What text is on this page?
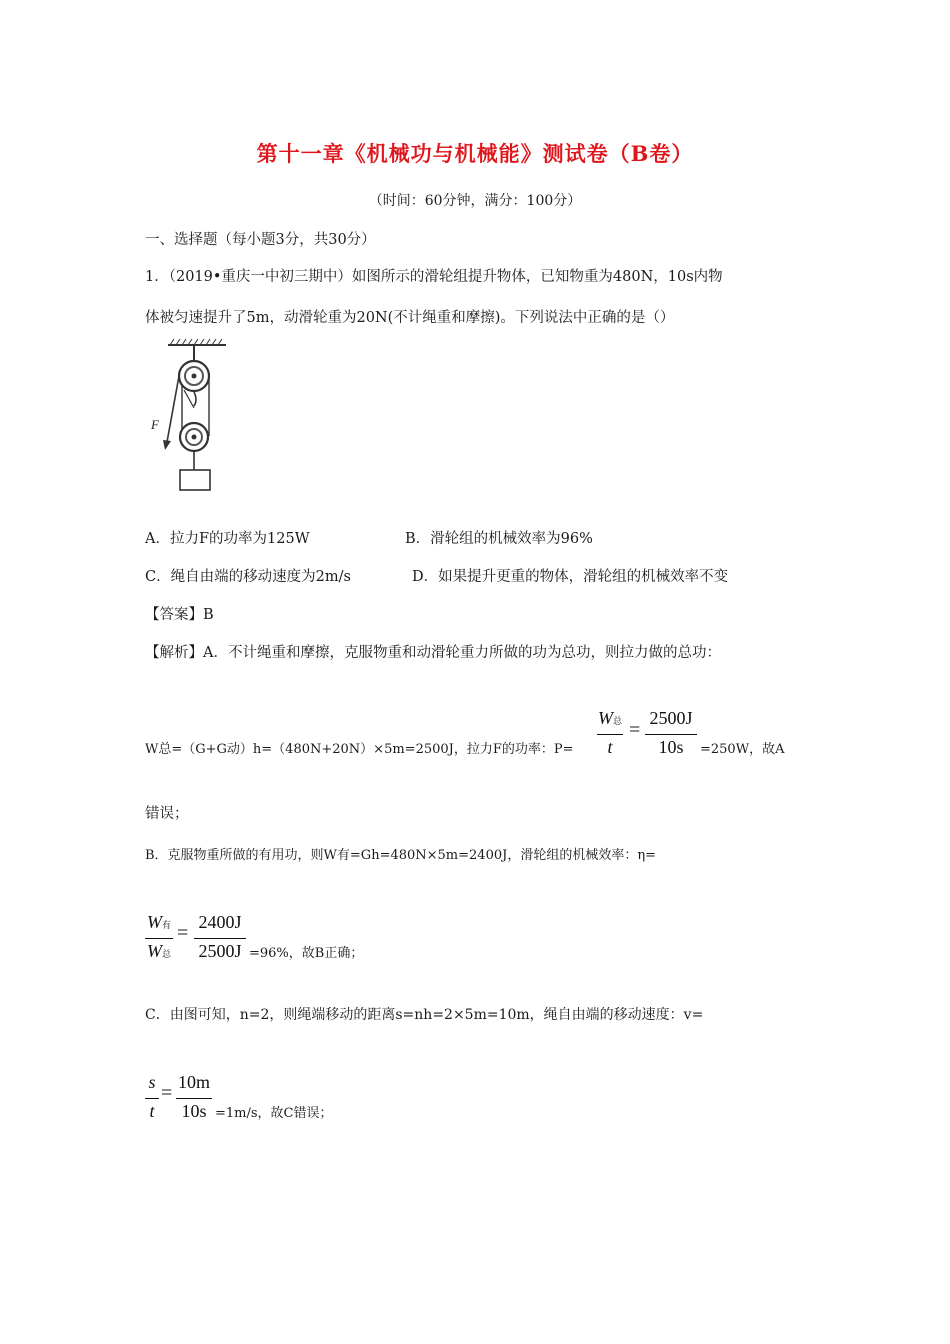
第十一章《机械功与机械能》测试卷（B卷）
（时间：60分钟，满分：100分）
一、选择题（每小题3分，共30分）
1．（2019•重庆一中初三期中）如图所示的滑轮组提升物体，已知物重为480N，10s内物
体被匀速提升了5m，动滑轮重为20N(不计绳重和摩擦)。下列说法中正确的是（）
F
A．拉力F的功率为125W	B．滑轮组的机械效率为96%
C．绳自由端的移动速度为2m/s	D．如果提升更重的物体，滑轮组的机械效率不变
【答案】B
【解析】A．不计绳重和摩擦，克服物重和动滑轮重力所做的功为总功，则拉力做的总功：
W总=（G+G动）h=（480N+20N）×5m=2500J，拉力F的功率：P=
W总
t
=
2500J
10s	=250W，故A
错误；
B．克服物重所做的有用功，则W有=Gh=480N×5m=2400J，滑轮组的机械效率：η=
W有
W总
= 2400J
2500J =96%，故B正确；
C．由图可知，n=2，则绳端移动的距离s=nh=2×5m=10m，绳自由端的移动速度：v=
s
t
= 10m
10s =1m/s，故C错误；
